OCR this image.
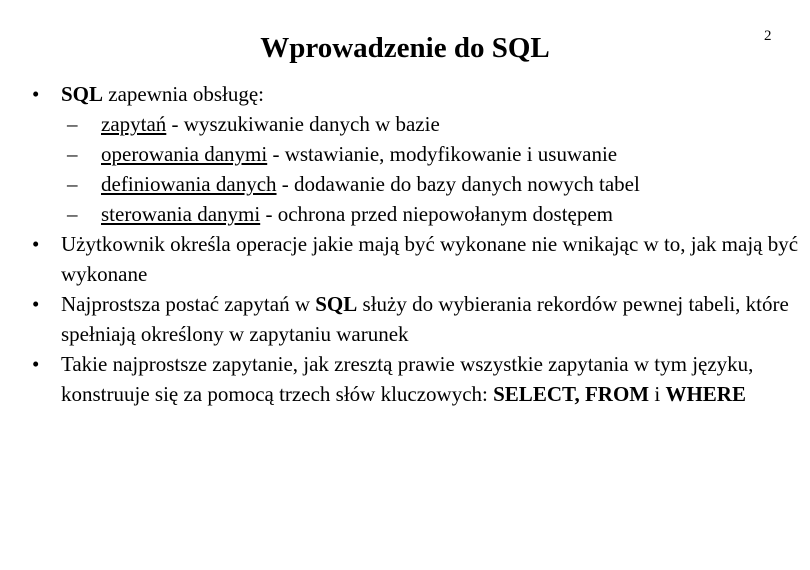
Wprowadzenie do SQL	2
•	SQL zapewnia obsługę:
– zapytań - wyszukiwanie danych w bazie
– operowania danymi - wstawianie, modyfikowanie i usuwanie
– definiowania danych - dodawanie do bazy danych nowych tabel
– sterowania danymi - ochrona przed niepowołanym dostępem
•	Użytkownik określa operacje jakie mają być wykonane nie wnikając w to, jak mają być wykonane
•	Najprostsza postać zapytań w SQL służy do wybierania rekordów pewnej tabeli, które spełniają określony w zapytaniu warunek
•	Takie najprostsze zapytanie, jak zresztą prawie wszystkie zapytania w tym języku, konstruuje się za pomocą trzech słów kluczowych: SELECT, FROM i WHERE
